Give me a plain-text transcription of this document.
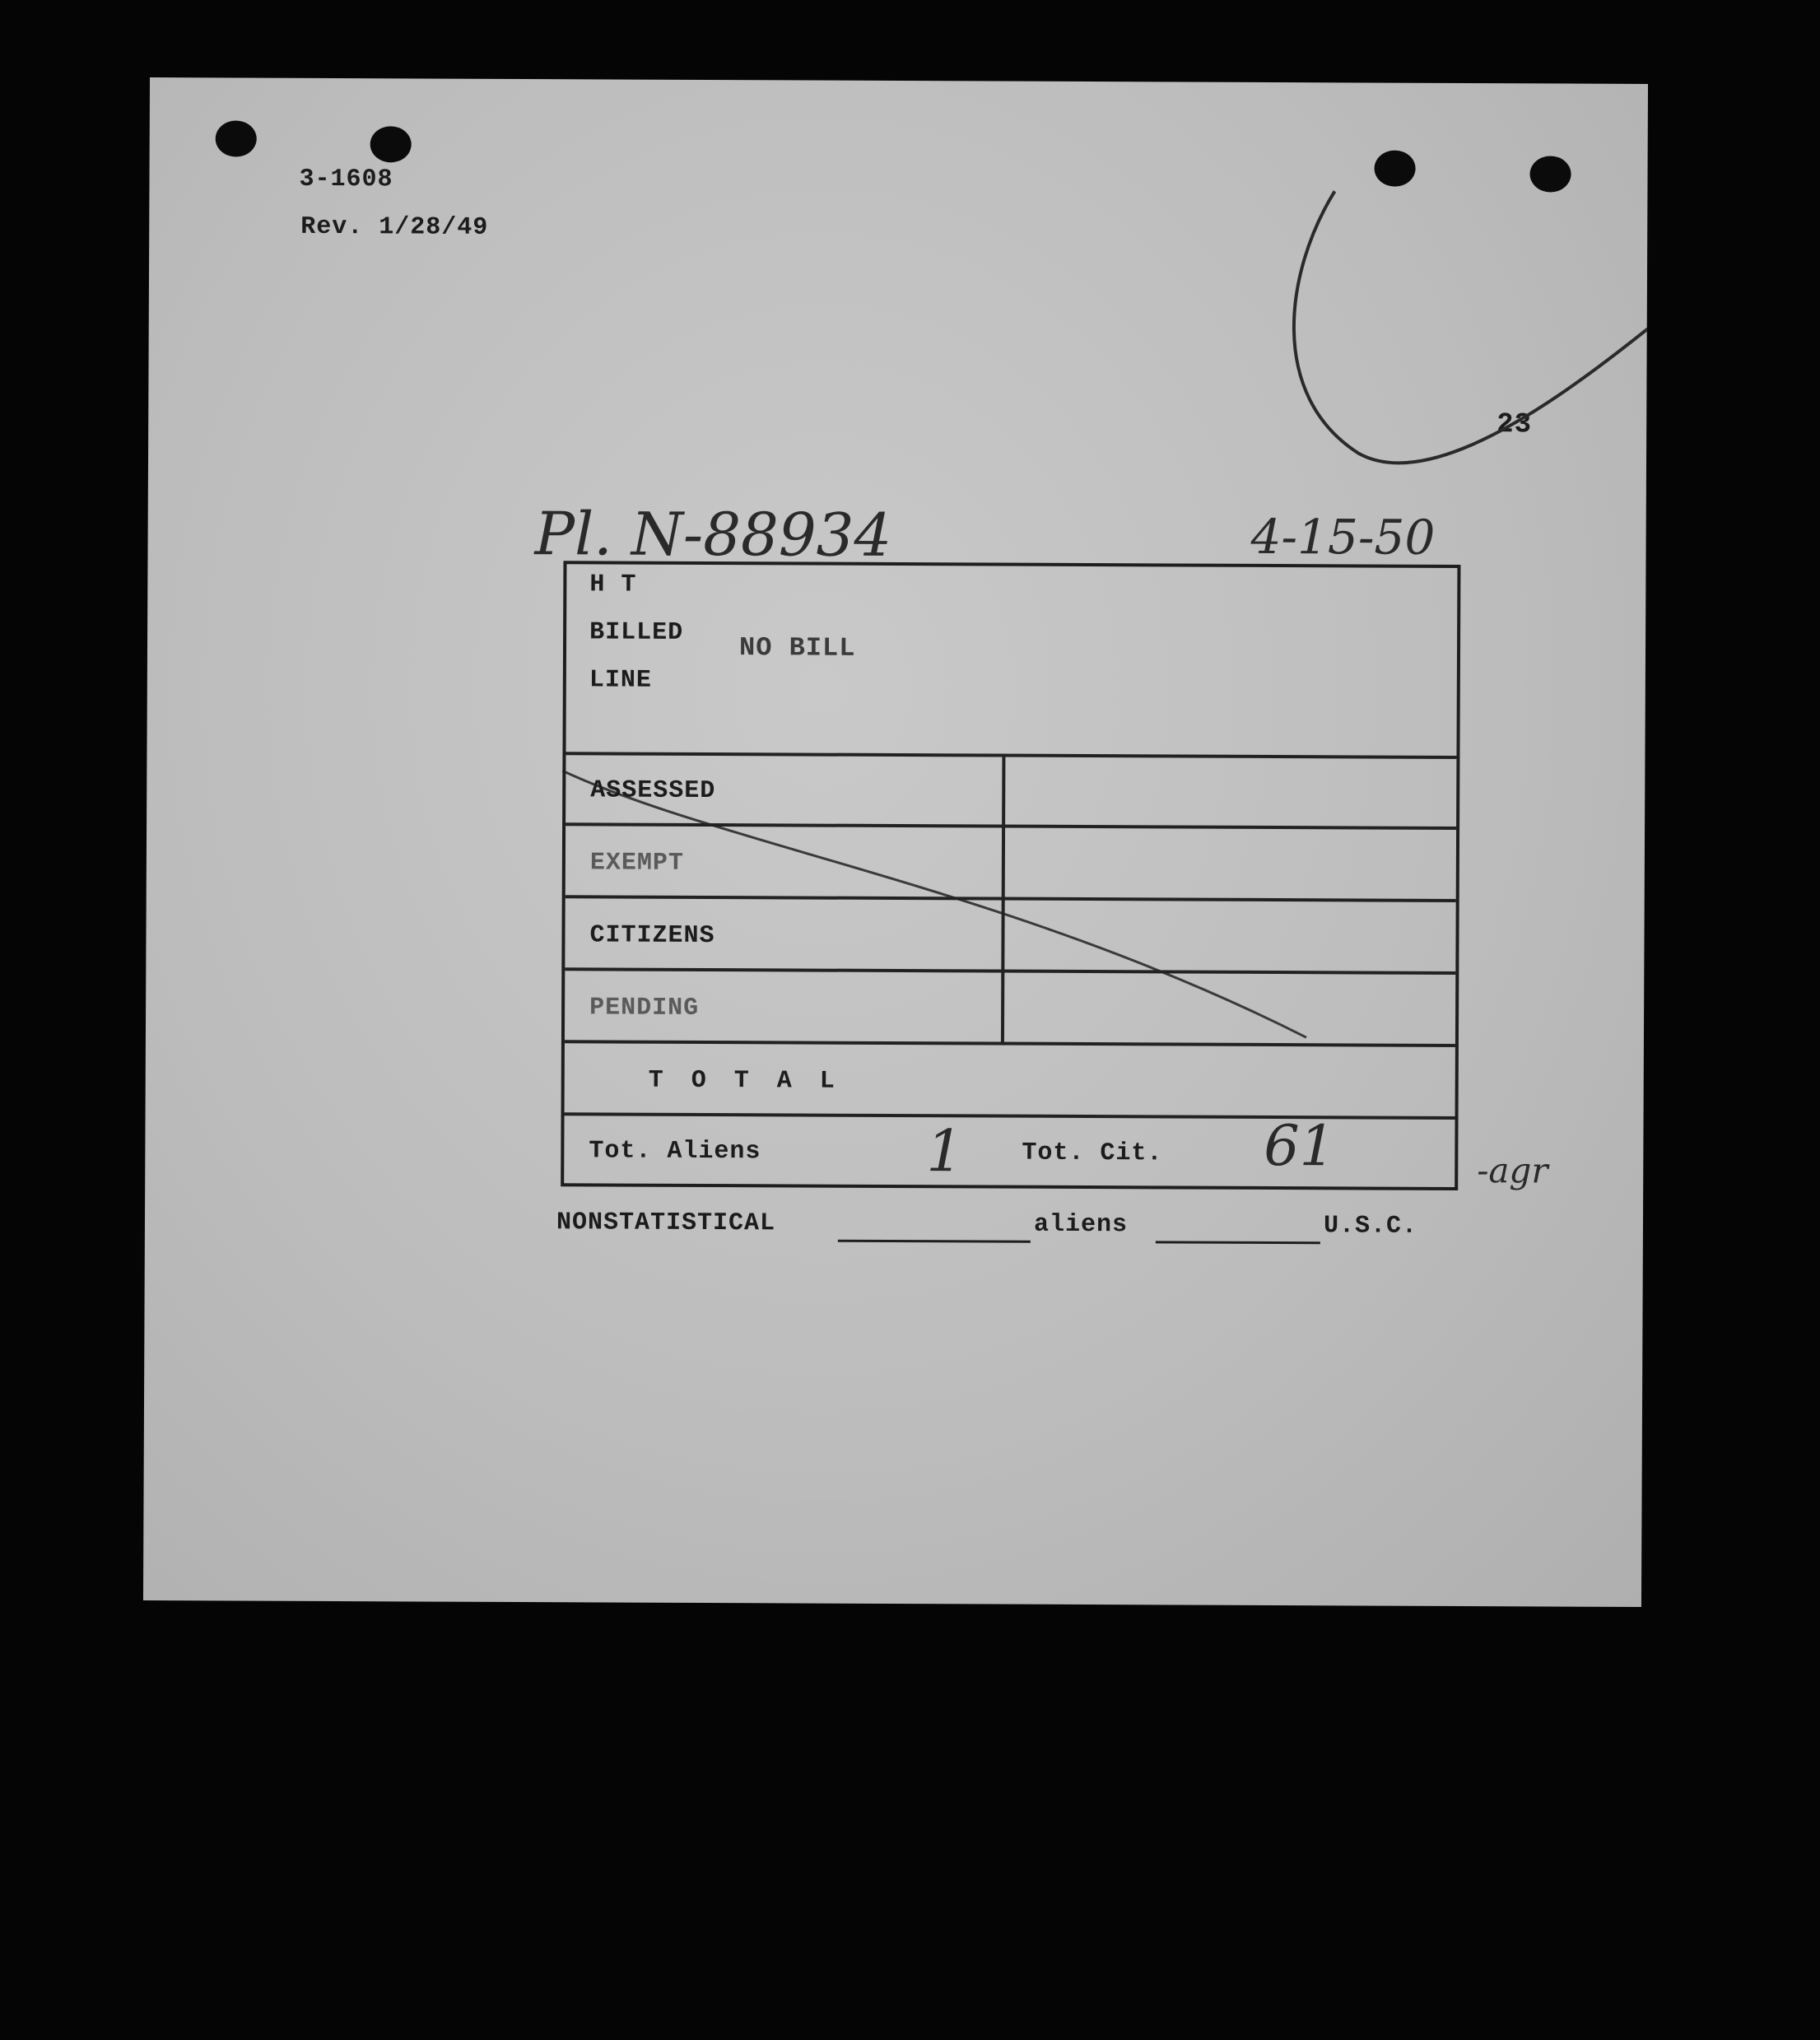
3-1608
Rev. 1/28/49
23
Pl. N-88934	4-15-50
H T
BILLED
LINE
NO BILL
ASSESSED
EXEMPT
CITIZENS
PENDING
T O T A L
Tot. Aliens	1 Tot. Cit. 61	-agr
NONSTATISTICAL	aliens	U.S.C.
